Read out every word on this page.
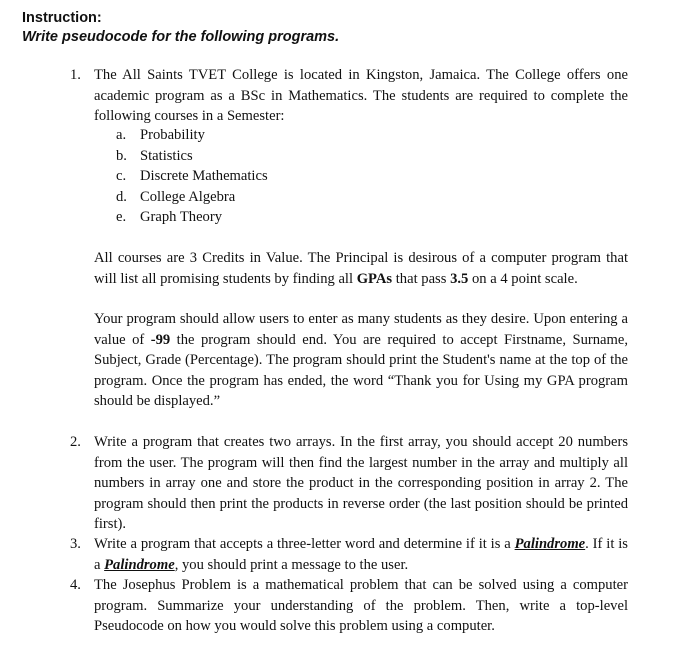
Instruction:
Write pseudocode for the following programs.
1. The All Saints TVET College is located in Kingston, Jamaica. The College offers one academic program as a BSc in Mathematics. The students are required to complete the following courses in a Semester:
a. Probability
b. Statistics
c. Discrete Mathematics
d. College Algebra
e. Graph Theory
All courses are 3 Credits in Value. The Principal is desirous of a computer program that will list all promising students by finding all GPAs that pass 3.5 on a 4 point scale.
Your program should allow users to enter as many students as they desire. Upon entering a value of -99 the program should end. You are required to accept Firstname, Surname, Subject, Grade (Percentage). The program should print the Student's name at the top of the program. Once the program has ended, the word “Thank you for Using my GPA program should be displayed.”
2. Write a program that creates two arrays. In the first array, you should accept 20 numbers from the user. The program will then find the largest number in the array and multiply all numbers in array one and store the product in the corresponding position in array 2. The program should then print the products in reverse order (the last position should be printed first).
3. Write a program that accepts a three-letter word and determine if it is a Palindrome. If it is a Palindrome, you should print a message to the user.
4. The Josephus Problem is a mathematical problem that can be solved using a computer program. Summarize your understanding of the problem. Then, write a top-level Pseudocode on how you would solve this problem using a computer.
